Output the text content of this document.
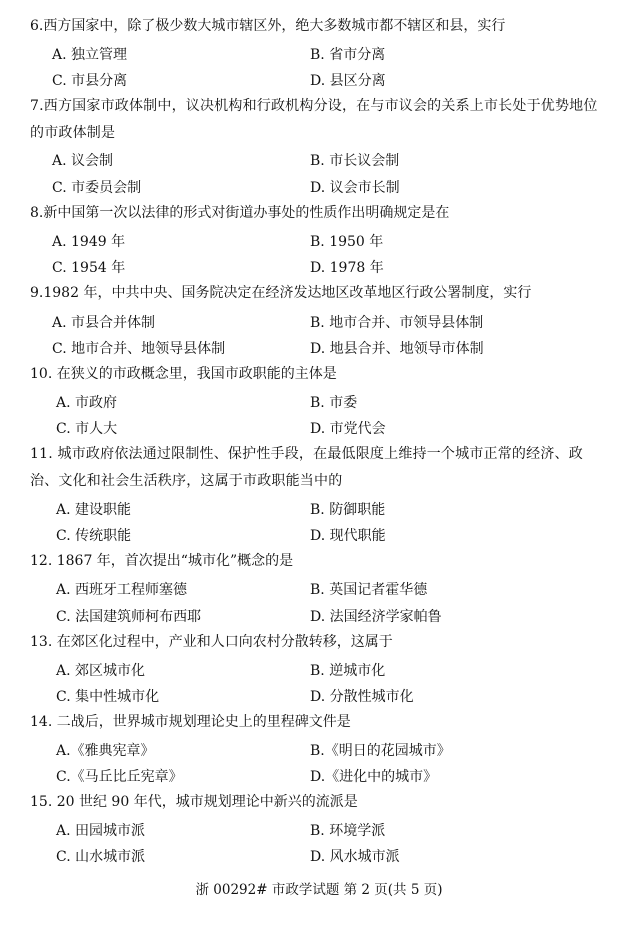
6.西方国家中，除了极少数大城市辖区外，绝大多数城市都不辖区和县，实行
A. 独立管理	B. 省市分离
C. 市县分离	D. 县区分离
7.西方国家市政体制中，议决机构和行政机构分设，在与市议会的关系上市长处于优势地位的市政体制是
A. 议会制	B. 市长议会制
C. 市委员会制	D. 议会市长制
8.新中国第一次以法律的形式对街道办事处的性质作出明确规定是在
A. 1949 年	B. 1950 年
C. 1954 年	D. 1978 年
9.1982 年，中共中央、国务院决定在经济发达地区改革地区行政公署制度，实行
A. 市县合并体制	B. 地市合并、市领导县体制
C. 地市合并、地领导县体制	D. 地县合并、地领导市体制
10. 在狭义的市政概念里，我国市政职能的主体是
A. 市政府	B. 市委
C. 市人大	D. 市党代会
11. 城市政府依法通过限制性、保护性手段，在最低限度上维持一个城市正常的经济、政治、文化和社会生活秩序，这属于市政职能当中的
A. 建设职能	B. 防御职能
C. 传统职能	D. 现代职能
12. 1867 年，首次提出“城市化”概念的是
A. 西班牙工程师塞德	B. 英国记者霍华德
C. 法国建筑师柯布西耶	D. 法国经济学家帕鲁
13. 在郊区化过程中，产业和人口向农村分散转移，这属于
A. 郊区城市化	B. 逆城市化
C. 集中性城市化	D. 分散性城市化
14. 二战后，世界城市规划理论史上的里程碑文件是
A.《雅典宪章》	B.《明日的花园城市》
C.《马丘比丘宪章》	D.《进化中的城市》
15. 20 世纪 90 年代，城市规划理论中新兴的流派是
A. 田园城市派	B. 环境学派
C. 山水城市派	D. 风水城市派
浙 00292# 市政学试题 第 2 页(共 5 页)
